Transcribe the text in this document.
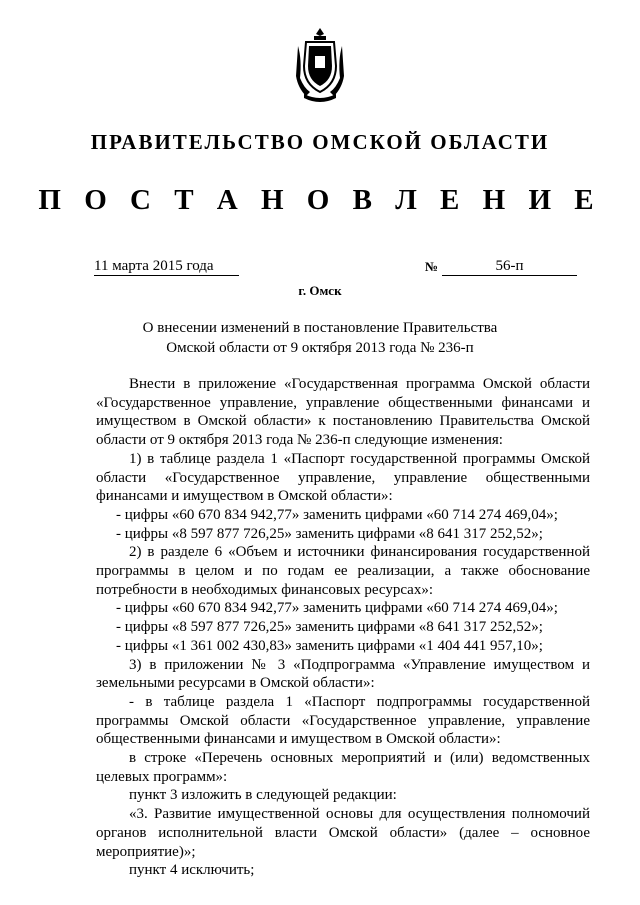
ПРАВИТЕЛЬСТВО ОМСКОЙ ОБЛАСТИ
П О С Т А Н О В Л Е Н И Е
11 марта 2015 года	№	56-п
г. Омск
О внесении изменений в постановление Правительства
Омской области от 9 октября 2013 года № 236-п

Внести в приложение «Государственная программа Омской области «Государственное управление, управление общественными финансами и имуществом в Омской области» к постановлению Правительства Омской области от 9 октября 2013 года № 236-п следующие изменения:

1) в таблице раздела 1 «Паспорт государственной программы Омской области «Государственное управление, управление общественными финансами и имуществом в Омской области»:

- цифры «60 670 834 942,77» заменить цифрами «60 714 274 469,04»;

- цифры «8 597 877 726,25» заменить цифрами «8 641 317 252,52»;

2) в разделе 6 «Объем и источники финансирования государственной программы в целом и по годам ее реализации, а также обоснование потребности в необходимых финансовых ресурсах»:

- цифры «60 670 834 942,77» заменить цифрами «60 714 274 469,04»;

- цифры «8 597 877 726,25» заменить цифрами «8 641 317 252,52»;

- цифры «1 361 002 430,83» заменить цифрами «1 404 441 957,10»;

3) в приложении № 3 «Подпрограмма «Управление имуществом и земельными ресурсами в Омской области»:

- в таблице раздела 1 «Паспорт подпрограммы государственной программы Омской области «Государственное управление, управление общественными финансами и имуществом в Омской области»:

в строке «Перечень основных мероприятий и (или) ведомственных целевых программ»:

пункт 3 изложить в следующей редакции:

«3. Развитие имущественной основы для осуществления полномочий органов исполнительной власти Омской области» (далее – основное мероприятие)»;

пункт 4 исключить;
